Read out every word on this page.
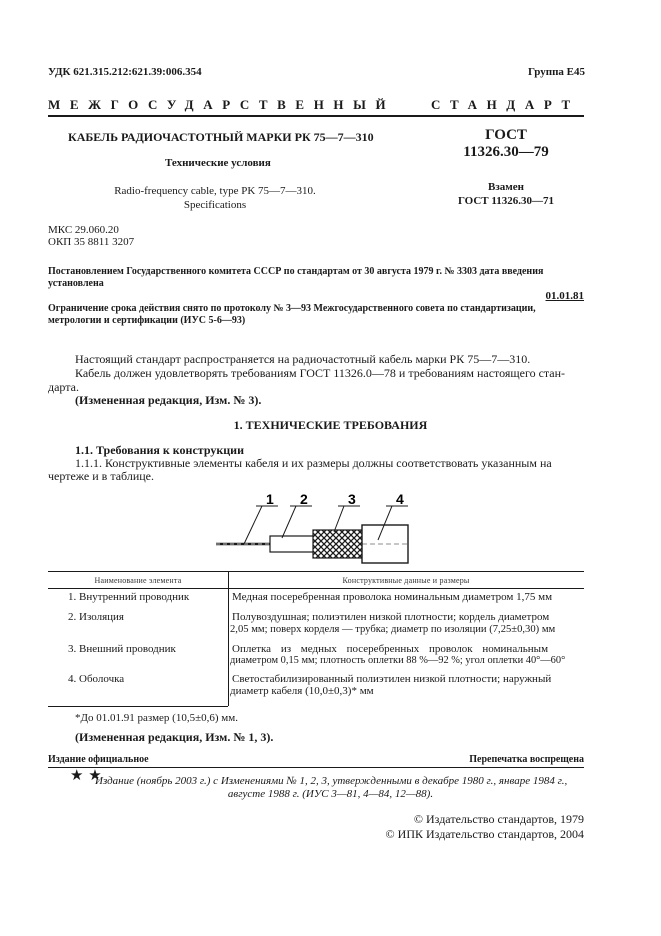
УДК 621.315.212:621.39:006.354	Группа Е45
МЕЖГОСУДАРСТВЕННЫЙ	СТАНДАРТ
КАБЕЛЬ РАДИОЧАСТОТНЫЙ МАРКИ РК 75—7—310
Технические условия
Radio-frequency cable, type PK 75—7—310.
Specifications
ГОСТ
11326.30—79
Взамен
ГОСТ 11326.30—71
МКС 29.060.20
ОКП 35 8811 3207
Постановлением Государственного комитета СССР по стандартам от 30 августа 1979 г. № 3303 дата введения
установлена
01.01.81
Ограничение срока действия снято по протоколу № 3—93 Межгосударственного совета по стандартизации,
метрологии и сертификации (ИУС 5-6—93)
Настоящий стандарт распространяется на радиочастотный кабель марки РК 75—7—310.
Кабель должен удовлетворять требованиям ГОСТ 11326.0—78 и требованиям настоящего стан-
дарта.
(Измененная редакция, Изм. № 3).
1. ТЕХНИЧЕСКИЕ ТРЕБОВАНИЯ
1.1. Требования к конструкции
1.1.1. Конструктивные элементы кабеля и их размеры должны соответствовать указанным на
чертеже и в таблице.
1 2	3	4
Наименование элемента	Конструктивные данные и размеры
1. Внутренний проводник	Медная посеребренная проволока номинальным диаметром 1,75 мм
2. Изоляция	Полувоздушная; полиэтилен низкой плотности; кордель диаметром
2,05 мм; поверх корделя — трубка; диаметр по изоляции (7,25±0,30) мм
3. Внешний проводник	Оплетка из медных посеребренных проволок номинальным
диаметром 0,15 мм; плотность оплетки 88 %—92 %; угол оплетки 40°—60°
4. Оболочка	Светостабилизированный полиэтилен низкой плотности; наружный
диаметр кабеля (10,0±0,3)* мм
*До 01.01.91 размер (10,5±0,6) мм.
(Измененная редакция, Изм. № 1, 3).
Издание официальное	Перепечатка воспрещена
★ ★
Издание (ноябрь 2003 г.) с Изменениями № 1, 2, 3, утвержденными в декабре 1980 г., январе 1984 г.,
августе 1988 г. (ИУС 3—81, 4—84, 12—88).
© Издательство стандартов, 1979
© ИПК Издательство стандартов, 2004
